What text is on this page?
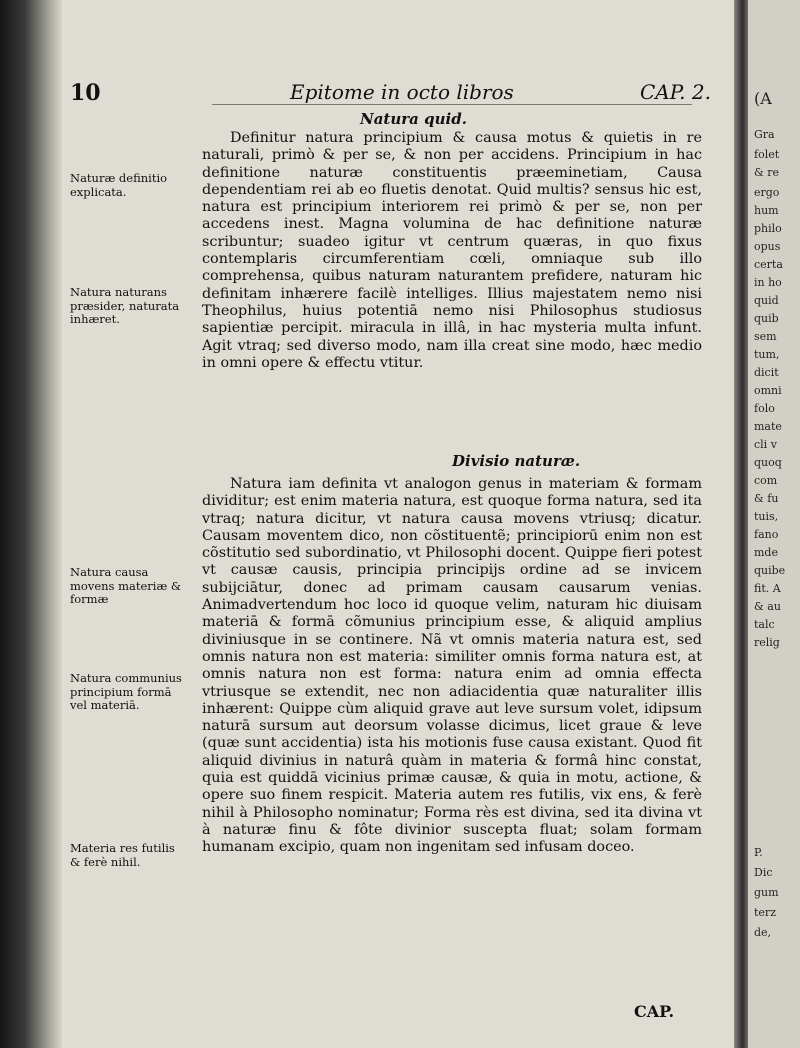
10	Epitome in octo libros	CAP. 2.
Natura quid.

Definitur natura principium & causa motus & quietis in re naturali, primò & per se, & non per accidens. Principium in hac definitione naturæ constituentis præeminetiam, Causa dependentiam rei ab eo fluetis denotat. Quid multis? sensus hic est, natura est principium interiorem rei primò & per se, non per accedens inest. Magna volumina de hac definitione naturæ scribuntur; suadeo igitur vt centrum quæras, in quo fixus contemplaris circumferentiam cœli, omniaque sub illo comprehensa, quibus naturam naturantem prefidere, naturam hic definitam inhærere facilè intelliges. Illius majestatem nemo nisi Theophilus, huius potentiā nemo nisi Philosophus studiosus sapientiæ percipit. miracula in illâ, in hac mysteria multa infunt. Agit vtraq; sed diverso modo, nam illa creat sine modo, hæc medio in omni opere & effectu vtitur.

Divisio naturæ.

Natura iam definita vt analogon genus in materiam & formam dividitur; est enim materia natura, est quoque forma natura, sed ita vtraq; natura dicitur, vt natura causa movens vtriusq; dicatur. Causam moventem dico, non cõstituentẽ; principiorū enim non est cõstitutio sed subordinatio, vt Philosophi docent. Quippe fieri potest vt causæ causis, principia principijs ordine ad se invicem subijciātur, donec ad primam causam causarum venias. Animadvertendum hoc loco id quoque velim, naturam hic diuisam materiā & formā cõmunius principium esse, & aliquid amplius diviniusque in se continere. Nã vt omnis materia natura est, sed omnis natura non est materia: similiter omnis forma natura est, at omnis natura non est forma: natura enim ad omnia effecta vtriusque se extendit, nec non adiacidentia quæ naturaliter illis inhærent: Quippe cùm aliquid grave aut leve sursum volet, idipsum naturā sursum aut deorsum volasse dicimus, licet graue & leve (quæ sunt accidentia) ista his motionis fuse causa existant. Quod fit aliquid divinius in naturâ quàm in materia & formâ hinc constat, quia est quiddā vicinius primæ causæ, & quia in motu, actione, & opere suo finem respicit. Materia autem res futilis, vix ens, & ferè nihil à Philosopho nominatur; Forma rès est divina, sed ita divina vt à naturæ finu & fôte divinior suscepta fluat; solam formam humanam excipio, quam non ingenitam sed infusam doceo.

Naturæ definitio explicata.
Natura naturans præsider, naturata inhæret.
Natura causa movens materiæ & formæ
Natura communius principium formā vel materiā.
Materia res futilis & ferè nihil.
CAP.
(A
Gra
folet
& re
ergo
hum
philo
opus
certa
in ho
quid
quib
sem
tum,
dicit
omni
folo
mate
cli v
quoq
com
& fu
tuis,
fano
mde
quibe
fit. A
& au
talc
relig
P.
Dic
gum
terz
de,
